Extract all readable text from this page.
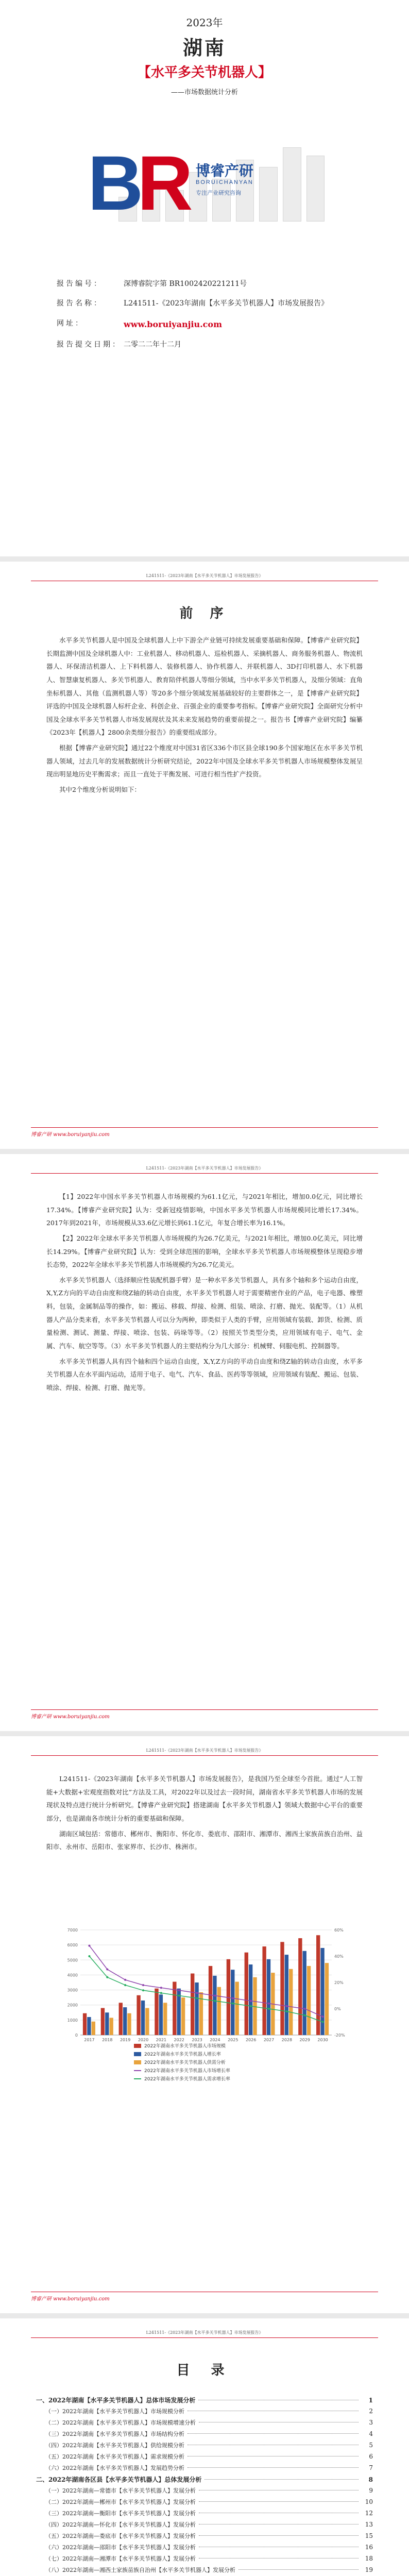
2023年
湖南
【水平多关节机器人】
——市场数据统计分析
BR 博睿产研
BORUICHANYAN
专注产业研究咨询
报告编号：	深博睿院字第 BR1002420221211号
报告名称：	L241511-《2023年湖南【水平多关节机器人】市场发展报告》
网址：	www.boruiyanjiu.com
报告提交日期： 二零二二年十二月
L241511-《2023年湖南【水平多关节机器人】市场发展报告》
前 序

水平多关节机器人是中国及全球机器人上中下游全产业链可持续发展重要基础和保障。【博睿产业研究院】长期监测中国及全球机器人中：工业机器人、移动机器人、巡检机器人、采摘机器人、商务服务机器人、物流机器人、环保清洁机器人、上下料机器人、装修机器人、协作机器人、并联机器人、3D打印机器人、水下机器人、智慧康复机器人、多关节机器人、教育陪伴机器人等细分领域，当中水平多关节机器人，及细分领域：直角坐标机器人、其他（监测机器人等）等20多个细分领域发展基础较好的主要群体之一，是【博睿产业研究院】评选的中国及全球机器人标杆企业、科创企业、百强企业的重要参考指标。【博睿产业研究院】全面研究分析中国及全球水平多关节机器人市场发展现状及其未来发展趋势的重要前提之一。报告书【博睿产业研究院】编纂《2023年【机器人】2800余类细分报告》的重要组成部分。

根据【博睿产业研究院】通过22个维度对中国31省区336个市区县全球190多个国家地区在水平多关节机器人领域，过去几年的发展数据统计分析研究结论，2022年中国及全球水平多关节机器人市场规模整体发展呈现出明显地历史平衡需求；而且一直处于平衡发展、可进行相当性扩产投资。

其中2个维度分析说明如下：

博睿产研 www.boruiyanjiu.com
L241511-《2023年湖南【水平多关节机器人】市场发展报告》

【1】2022年中国水平多关节机器人市场规模约为61.1亿元，与2021年相比，增加0.0亿元，同比增长17.34%。【博睿产业研究院】认为：受新冠疫情影响，中国水平多关节机器人市场规模同比增长17.34%。2017年到2021年，市场规模从33.6亿元增长到61.1亿元，年复合增长率为16.1%。

【2】2022年全球水平多关节机器人市场规模约为26.7亿美元，与2021年相比，增加0.0亿美元，同比增长14.29%。【博睿产业研究院】认为：受到全球范围的影响，全球水平多关节机器人市场规模整体呈现稳步增长态势，2022年全球水平多关节机器人市场规模约为26.7亿美元。

水平多关节机器人（选择顺应性装配机器手臂）是一种水平多关节机器人，具有多个轴和多个运动自由度，X,Y,Z方向的平动自由度和绕Z轴的转动自由度，水平多关节机器人对于需要精密作业的产品，电子电器、橡塑料，包装，金属制品等的操作，如：搬运、移载、焊接、检测、组装、喷涂、打磨、抛光、装配等。（1）从机器人产品分类来看，水平多关节机器人可以分为两种，即类似于人类的手臂，应用领域有装载、卸货、检测、质量检测、测试、测量、焊接、喷涂、包装、码垛等等。（2）按照关节类型分类，应用领域有电子、电气、金属、汽车、航空等等。（3）水平多关节机器人的主要结构分为几大部分：机械臂、伺服电机、控制器等。

水平多关节机器人具有四个轴和四个运动自由度，X,Y,Z方向的平动自由度和绕Z轴的转动自由度，水平多关节机器人在水平面内运动，适用于电子、电气、汽车、食品、医药等等领域，应用领域有装配、搬运、包装、喷涂、焊接、检测、打磨、抛光等。

博睿产研 www.boruiyanjiu.com
L241511-《2023年湖南【水平多关节机器人】市场发展报告》

L241511-《2023年湖南【水平多关节机器人】市场发展报告》，是我国乃至全球至今首批。通过“人工智能+大数据+宏观度指数对比”方法及工具，对2022年以及过去一段时间，湖南省水平多关节机器人市场的发展现状及特点进行统计分析研究。【博睿产业研究院】搭建湖南【水平多关节机器人】领域大数据中心平台的重要部分，也是湖南各市统计分析的重要基础和保障。

湖南区域包括：常德市、郴州市、衡阳市、怀化市、娄底市、邵阳市、湘潭市、湘西土家族苗族自治州、益阳市、永州市、岳阳市、张家界市、长沙市、株洲市。

0
1000
2000
3000
4000
5000
6000
7000
-20%
0%
20%
40%
60%
2017 2018 2019 2020 2021 2022 2023 2024 2025 2026 2027 2028 2029 2030
2022年湖南水平多关节机器人市场规模
2022年湖南水平多关节机器人增长率
2022年湖南水平多关节机器人供需分析
2022年湖南水平多关节机器人市场增长率
2022年湖南水平多关节机器人需求增长率
博睿产研 www.boruiyanjiu.com
L241511-《2023年湖南【水平多关节机器人】市场发展报告》
目 录
一、2022年湖南【水平多关节机器人】总体市场发展分析	1
（一）2022年湖南【水平多关节机器人】市场规模分析	2
（二）2022年湖南【水平多关节机器人】市场规模增速分析	3
（三）2022年湖南【水平多关节机器人】市场结构分析	4
（四）2022年湖南【水平多关节机器人】供给规模分析	5
（五）2022年湖南【水平多关节机器人】需求规模分析	6
（六）2022年湖南【水平多关节机器人】发展趋势分析	7
二、2022年湖南各区县【水平多关节机器人】总体发展分析	8
（一）2022年湖南—常德市【水平多关节机器人】发展分析	9
（二）2022年湖南—郴州市【水平多关节机器人】发展分析	10
（三）2022年湖南—衡阳市【水平多关节机器人】发展分析	12
（四）2022年湖南—怀化市【水平多关节机器人】发展分析	13
（五）2022年湖南—娄底市【水平多关节机器人】发展分析	15
（六）2022年湖南—邵阳市【水平多关节机器人】发展分析	16
（七）2022年湖南—湘潭市【水平多关节机器人】发展分析	18
（八）2022年湖南—湘西土家族苗族自治州【水平多关节机器人】发展分析	19
